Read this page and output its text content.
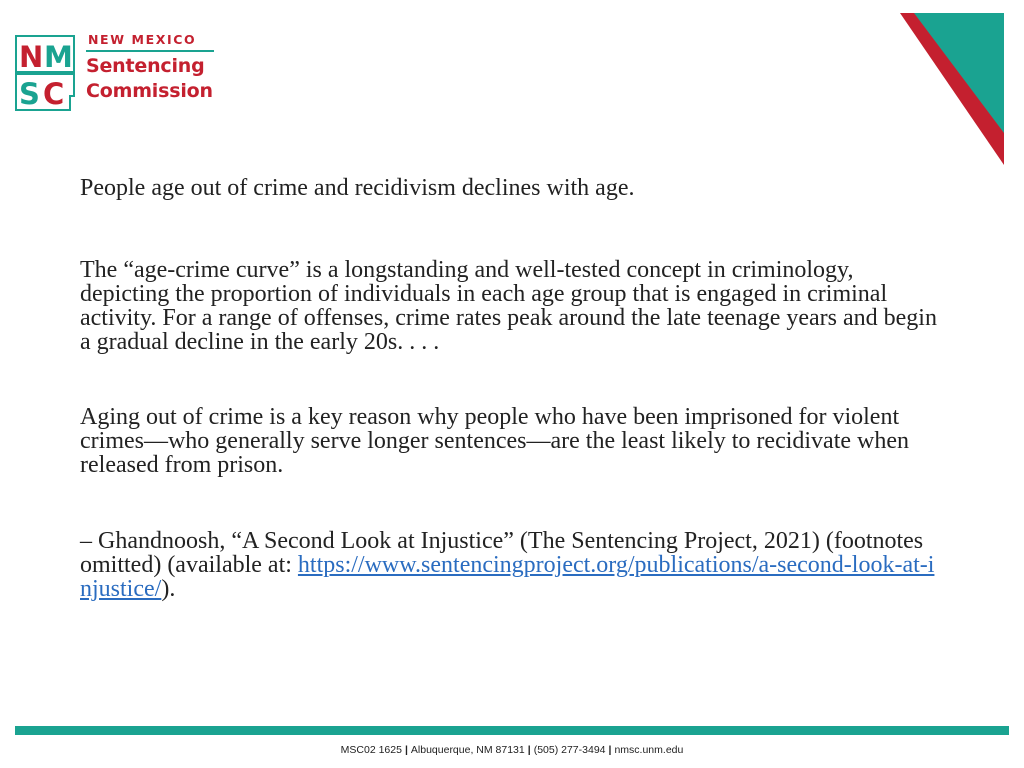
N M
S C
NEW MEXICO
Sentencing
Commission

People age out of crime and recidivism declines with age.

The “age-crime curve” is a longstanding and well-tested concept in criminology, depicting the proportion of individuals in each age group that is engaged in criminal activity. For a range of offenses, crime rates peak around the late teenage years and begin a gradual decline in the early 20s. . . .

Aging out of crime is a key reason why people who have been imprisoned for violent crimes—who generally serve longer sentences—are the least likely to recidivate when released from prison.

– Ghandnoosh, “A Second Look at Injustice” (The Sentencing Project, 2021) (footnotes omitted) (available at: https://www.sentencingproject.org/publications/a-second-look-at-injustice/).

MSC02 1625 | Albuquerque, NM 87131 | (505) 277-3494 | nmsc.unm.edu
